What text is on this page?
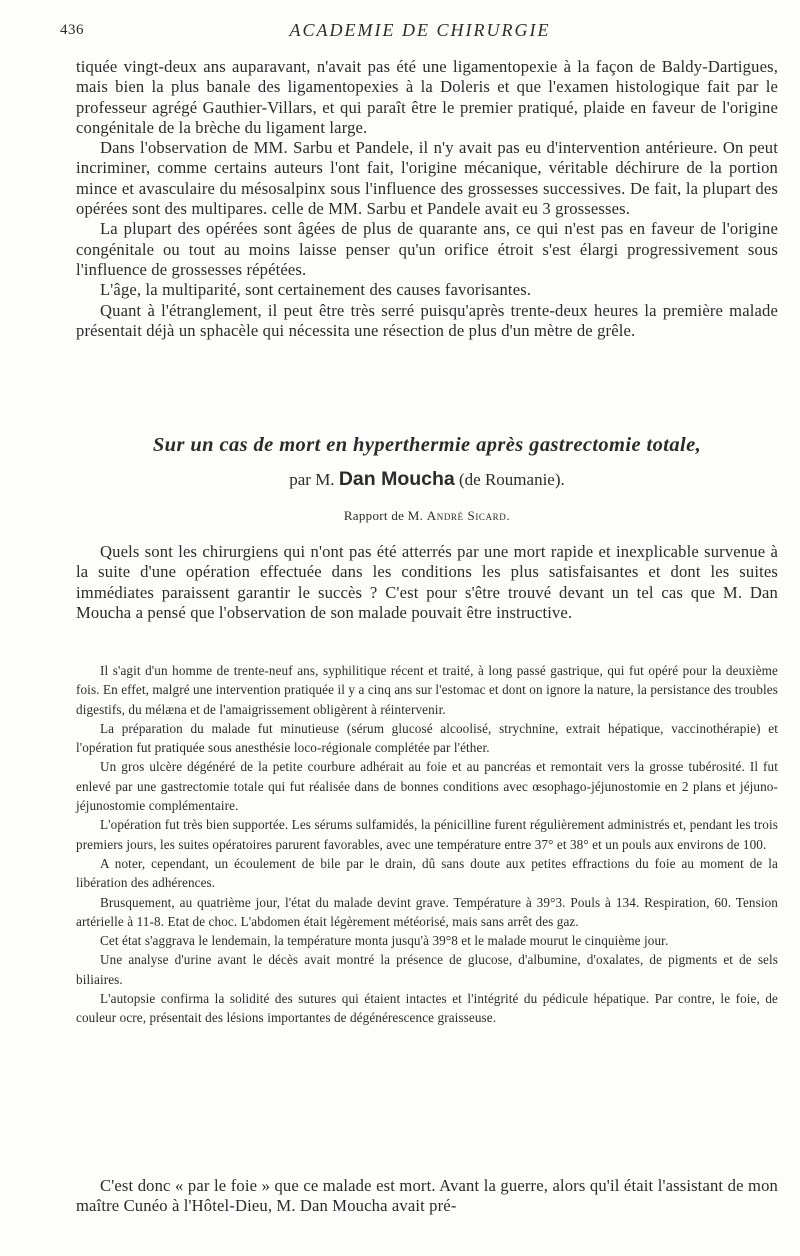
436	ACADEMIE DE CHIRURGIE

tiquée vingt-deux ans auparavant, n'avait pas été une ligamentopexie à la façon de Baldy-Dartigues, mais bien la plus banale des ligamentopexies à la Doleris et que l'examen histologique fait par le professeur agrégé Gauthier-Villars, et qui paraît être le premier pratiqué, plaide en faveur de l'origine congénitale de la brèche du ligament large.

Dans l'observation de MM. Sarbu et Pandele, il n'y avait pas eu d'intervention antérieure. On peut incriminer, comme certains auteurs l'ont fait, l'origine mécanique, véritable déchirure de la portion mince et avasculaire du mésosalpinx sous l'influence des grossesses successives. De fait, la plupart des opérées sont des multipares. celle de MM. Sarbu et Pandele avait eu 3 grossesses.

La plupart des opérées sont âgées de plus de quarante ans, ce qui n'est pas en faveur de l'origine congénitale ou tout au moins laisse penser qu'un orifice étroit s'est élargi progressivement sous l'influence de grossesses répétées.

L'âge, la multiparité, sont certainement des causes favorisantes.

Quant à l'étranglement, il peut être très serré puisqu'après trente-deux heures la première malade présentait déjà un sphacèle qui nécessita une résection de plus d'un mètre de grêle.

Sur un cas de mort en hyperthermie après gastrectomie totale,
par M. Dan Moucha (de Roumanie).
Rapport de M. André Sicard.

Quels sont les chirurgiens qui n'ont pas été atterrés par une mort rapide et inexplicable survenue à la suite d'une opération effectuée dans les conditions les plus satisfaisantes et dont les suites immédiates paraissent garantir le succès ? C'est pour s'être trouvé devant un tel cas que M. Dan Moucha a pensé que l'observation de son malade pouvait être instructive.

Il s'agit d'un homme de trente-neuf ans, syphilitique récent et traité, à long passé gastrique, qui fut opéré pour la deuxième fois. En effet, malgré une intervention pratiquée il y a cinq ans sur l'estomac et dont on ignore la nature, la persistance des troubles digestifs, du mélæna et de l'amaigrissement obligèrent à réintervenir.

La préparation du malade fut minutieuse (sérum glucosé alcoolisé, strychnine, extrait hépatique, vaccinothérapie) et l'opération fut pratiquée sous anesthésie loco-régionale complétée par l'éther.

Un gros ulcère dégénéré de la petite courbure adhérait au foie et au pancréas et remontait vers la grosse tubérosité. Il fut enlevé par une gastrectomie totale qui fut réalisée dans de bonnes conditions avec œsophago-jéjunostomie en 2 plans et jéjuno-jéjunostomie complémentaire.

L'opération fut très bien supportée. Les sérums sulfamidés, la pénicilline furent régulièrement administrés et, pendant les trois premiers jours, les suites opératoires parurent favorables, avec une température entre 37° et 38° et un pouls aux environs de 100.

A noter, cependant, un écoulement de bile par le drain, dû sans doute aux petites effractions du foie au moment de la libération des adhérences.

Brusquement, au quatrième jour, l'état du malade devint grave. Température à 39°3. Pouls à 134. Respiration, 60. Tension artérielle à 11-8. Etat de choc. L'abdomen était légèrement météorisé, mais sans arrêt des gaz.

Cet état s'aggrava le lendemain, la température monta jusqu'à 39°8 et le malade mourut le cinquième jour.

Une analyse d'urine avant le décès avait montré la présence de glucose, d'albumine, d'oxalates, de pigments et de sels biliaires.

L'autopsie confirma la solidité des sutures qui étaient intactes et l'intégrité du pédicule hépatique. Par contre, le foie, de couleur ocre, présentait des lésions importantes de dégénérescence graisseuse.

C'est donc « par le foie » que ce malade est mort. Avant la guerre, alors qu'il était l'assistant de mon maître Cunéo à l'Hôtel-Dieu, M. Dan Moucha avait pré-
